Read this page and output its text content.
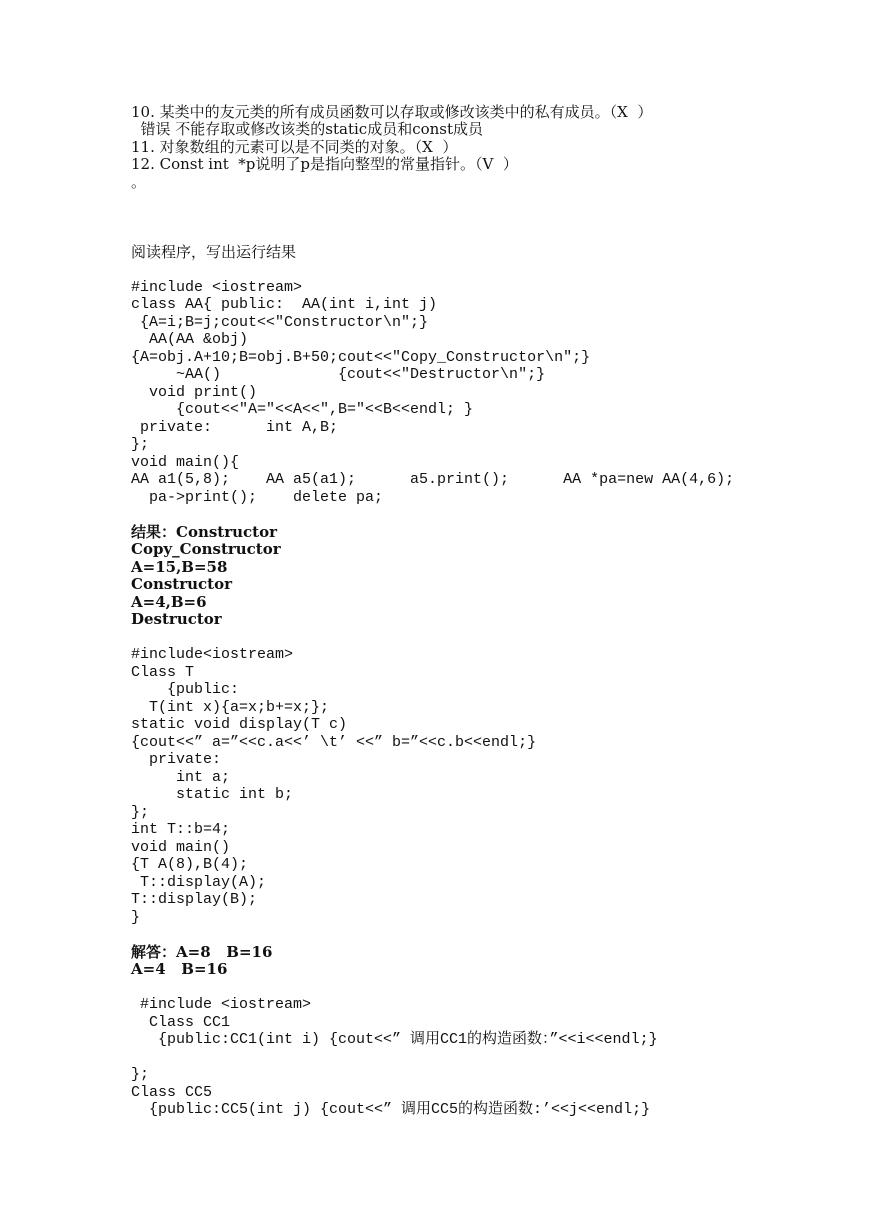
10. 某类中的友元类的所有成员函数可以存取或修改该类中的私有成员。（X  ）
错误 不能存取或修改该类的static成员和const成员
11. 对象数组的元素可以是不同类的对象。（X  ）
12. Const int  *p说明了p是指向整型的常量指针。（V  ）
。
阅读程序，写出运行结果
#include <iostream>
class AA{ public:  AA(int i,int j)
{A=i;B=j;cout<<"Constructor\n";}
AA(AA &obj)
{A=obj.A+10;B=obj.B+50;cout<<"Copy_Constructor\n";}
~AA()             {cout<<"Destructor\n";}
void print()
{cout<<"A="<<A<<",B="<<B<<endl; }
private:      int A,B;
};
void main(){
AA a1(5,8);    AA a5(a1);      a5.print();      AA *pa=new AA(4,6);
pa->print();    delete pa;
结果：Constructor
Copy_Constructor
A=15,B=58
Constructor
A=4,B=6
Destructor
#include<iostream>
Class T
{public:
T(int x){a=x;b+=x;};
static void display(T c)
{cout<<” a=”<<c.a<<’ \t’ <<” b=”<<c.b<<endl;}
private:
int a;
static int b;
};
int T::b=4;
void main()
{T A(8),B(4);
T::display(A);
T::display(B);
}
解答：A=8   B=16
A=4   B=16
#include <iostream>
Class CC1
{public:CC1(int i) {cout<<” 调用CC1的构造函数：”<<i<<endl;}
};
Class CC5
{public:CC5(int j) {cout<<” 调用CC5的构造函数:’<<j<<endl;}
